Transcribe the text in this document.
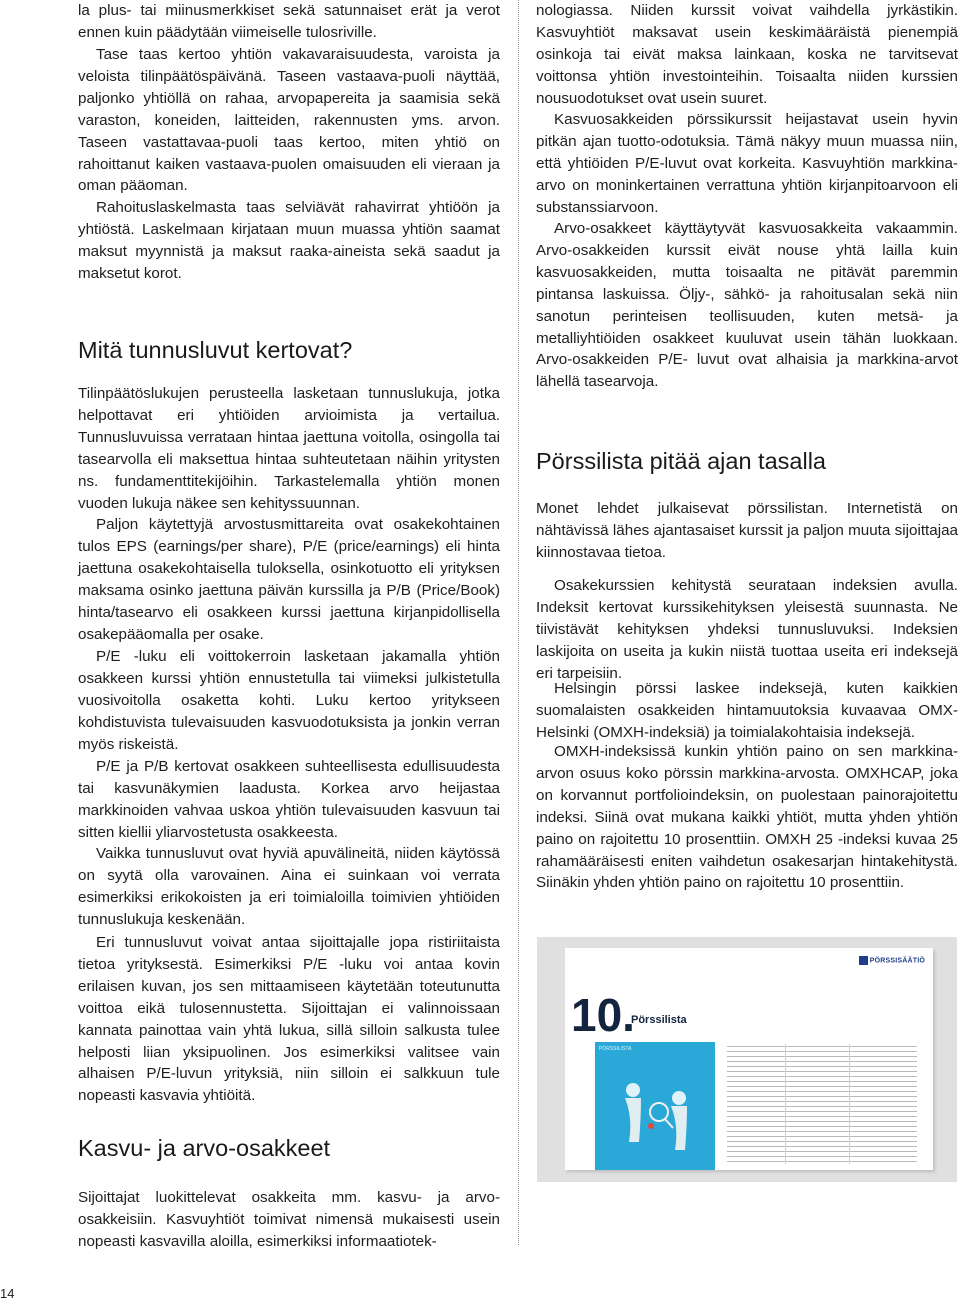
la plus- tai miinusmerkkiset sekä satunnaiset erät ja verot ennen kuin päädytään viimeiselle tulosriville.

Tase taas kertoo yhtiön vakavaraisuudesta, varoista ja veloista tilinpäätöspäivänä. Taseen vastaava-puoli näyttää, paljonko yhtiöllä on rahaa, arvopapereita ja saamisia sekä varaston, koneiden, laitteiden, rakennusten yms. arvon. Taseen vastattavaa-puoli taas kertoo, miten yhtiö on rahoittanut kaiken vastaava-puolen omaisuuden eli vieraan ja oman pääoman.

Rahoituslaskelmasta taas selviävät rahavirrat yhtiöön ja yhtiöstä. Laskelmaan kirjataan muun muassa yhtiön saamat maksut myynnistä ja maksut raaka-aineista sekä saadut ja maksetut korot.

Mitä tunnusluvut kertovat?

Tilinpäätöslukujen perusteella lasketaan tunnuslukuja, jotka helpottavat eri yhtiöiden arvioimista ja vertailua. Tunnusluvuissa verrataan hintaa jaettuna voitolla, osingolla tai tasearvolla eli maksettua hintaa suhteutetaan näihin yritysten ns. fundamenttitekijöihin. Tarkastelemalla yhtiön monen vuoden lukuja näkee sen kehityssuunnan.

Paljon käytettyjä arvostusmittareita ovat osakekohtainen tulos EPS (earnings/per share), P/E (price/earnings) eli hinta jaettuna osakekohtaisella tuloksella, osinkotuotto eli yrityksen maksama osinko jaettuna päivän kurssilla ja P/B (Price/Book) hinta/tasearvo eli osakkeen kurssi jaettuna kirjanpidollisella osakepääomalla per osake.

P/E -luku eli voittokerroin lasketaan jakamalla yhtiön osakkeen kurssi yhtiön ennustetulla tai viimeksi julkistetulla vuosivoitolla osaketta kohti. Luku kertoo yritykseen kohdistuvista tulevaisuuden kasvuodotuksista ja jonkin verran myös riskeistä.

P/E ja P/B kertovat osakkeen suhteellisesta edullisuudesta tai kasvunäkymien laadusta. Korkea arvo heijastaa markkinoiden vahvaa uskoa yhtiön tulevaisuuden kasvuun tai sitten kiellii yliarvostetusta osakkeesta.

Vaikka tunnusluvut ovat hyviä apuvälineitä, niiden käytössä on syytä olla varovainen. Aina ei suinkaan voi verrata esimerkiksi erikokoisten ja eri toimialoilla toimivien yhtiöiden tunnuslukuja keskenään.

Eri tunnusluvut voivat antaa sijoittajalle jopa ristiriitaista tietoa yrityksestä. Esimerkiksi P/E -luku voi antaa kovin erilaisen kuvan, jos sen mittaamiseen käytetään toteutunutta voittoa eikä tulosennustetta. Sijoittajan ei valinnoissaan kannata painottaa vain yhtä lukua, sillä silloin salkusta tulee helposti liian yksipuolinen. Jos esimerkiksi valitsee vain alhaisen P/E-luvun yrityksiä, niin silloin ei salkkuun tule nopeasti kasvavia yhtiöitä.

Kasvu- ja arvo-osakkeet

Sijoittajat luokittelevat osakkeita mm. kasvu- ja arvo-osakkeisiin. Kasvuyhtiöt toimivat nimensä mukaisesti usein nopeasti kasvavilla aloilla, esimerkiksi informaatiotek-

nologiassa. Niiden kurssit voivat vaihdella jyrkästikin. Kasvuyhtiöt maksavat usein keskimääräistä pienempiä osinkoja tai eivät maksa lainkaan, koska ne tarvitsevat voittonsa yhtiön investointeihin. Toisaalta niiden kurssien nousuodotukset ovat usein suuret.

Kasvuosakkeiden pörssikurssit heijastavat usein hyvin pitkän ajan tuotto-odotuksia. Tämä näkyy muun muassa niin, että yhtiöiden P/E-luvut ovat korkeita. Kasvuyhtiön markkina-arvo on moninkertainen verrattuna yhtiön kirjanpitoarvoon eli substanssiarvoon.

Arvo-osakkeet käyttäytyvät kasvuosakkeita vakaammin. Arvo-osakkeiden kurssit eivät nouse yhtä lailla kuin kasvuosakkeiden, mutta toisaalta ne pitävät paremmin pintansa laskuissa. Öljy-, sähkö- ja rahoitusalan sekä niin sanotun perinteisen teollisuuden, kuten metsä- ja metalliyhtiöiden osakkeet kuuluvat usein tähän luokkaan. Arvo-osakkeiden P/E- luvut ovat alhaisia ja markkina-arvot lähellä tasearvoja.

Pörssilista pitää ajan tasalla

Monet lehdet julkaisevat pörssilistan. Internetistä on nähtävissä lähes ajantasaiset kurssit ja paljon muuta sijoittajaa kiinnostavaa tietoa.

Osakekurssien kehitystä seurataan indeksien avulla. Indeksit kertovat kurssikehityksen yleisestä suunnasta. Ne tiivistävät kehityksen yhdeksi tunnusluvuksi. Indeksien laskijoita on useita ja kukin niistä tuottaa useita eri indeksejä eri tarpeisiin.

Helsingin pörssi laskee indeksejä, kuten kaikkien suomalaisten osakkeiden hintamuutoksia kuvaavaa OMX-Helsinki (OMXH-indeksiä) ja toimialakohtaisia indeksejä.

OMXH-indeksissä kunkin yhtiön paino on sen markkina-arvon osuus koko pörssin markkina-arvosta. OMXHCAP, joka on korvannut portfolioindeksin, on puolestaan painorajoitettu indeksi. Siinä ovat mukana kaikki yhtiöt, mutta yhden yhtiön paino on rajoitettu 10 prosenttiin. OMXH 25 -indeksi kuvaa 25 rahamääräisesti eniten vaihdetun osakesarjan hintakehitystä. Siinäkin yhden yhtiön paino on rajoitettu 10 prosenttiin.

PÖRSSISÄÄTIÖ
10.
Pörssilista
PÖRSSILISTA
14
